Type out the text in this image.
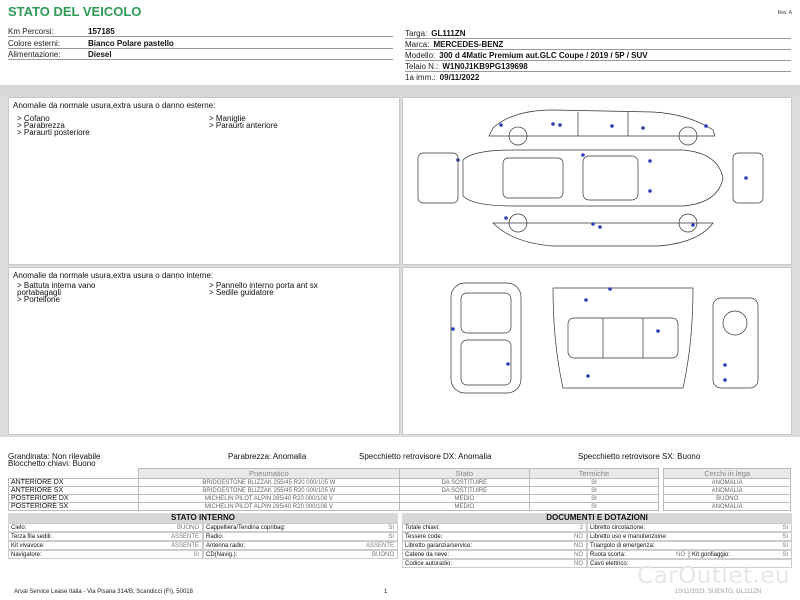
STATO DEL VEICOLO	Rev. A
Km Percorsi:	157185
Colore esterni:	Bianco Polare pastello
Alimentazione:	Diesel
Targa: GL111ZN
Marca: MERCEDES-BENZ
Modello: 300 d 4Matic Premium aut.GLC Coupe / 2019 / 5P / SUV
Telaio N.: W1N0J1KB9PG139698
1a imm.: 09/11/2022
Anomalie da normale usura,extra usura o danno esterne:
> Cofano
> Parabrezza
> Paraurti posteriore
> Maniglie
> Paraurti anteriore
Anomalie da normale usura,extra usura o danno interne:
> Battuta interna vano
portabagagli
> Portellone
> Pannello interno porta ant sx
> Sedile guidatore
Grandinata: Non rilevabile	Parabrezza: Anomalia	Specchietto retrovisore DX: Anomalia	Specchietto retrovisore SX: Buono
Blocchetto chiavi: Buono
	Pneumatico	Stato	Termiche		Cerchi in lega
ANTERIORE DX	BRIDGESTONE BLIZZAK 255/45 R20 000/105 W	DA SOSTITUIRE	SI		ANOMALIA
ANTERIORE SX	BRIDGESTONE BLIZZAK 255/45 R20 000/105 W	DA SOSTITUIRE	SI		ANOMALIA
POSTERIORE DX	MICHELIN PILOT ALPIN 285/40 R20 000/108 V	MEDIO	SI		BUONO
POSTERIORE SX	MICHELIN PILOT ALPIN 285/40 R20 000/108 V	MEDIO	SI		ANOMALIA
STATO INTERNO
Cielo:	BUONO
Terza fila sedili:	ASSENTE
Kit vivavoce:	ASSENTE
Navigatore:	SI
Cappelliera/Tendina copribag:	SI
Radio:	SI
Antenna radio:	ASSENTE
CD(Navig.):	BUONO
DOCUMENTI E DOTAZIONI
Totale chiavi:	2
Tessere code:	NO
Libretto garanzia/service:	NO
Catene da neve:	NO
Codice autoradio:	NO
Libretto circolazione:	SI
Libretto uso e manutenzione:	SI
Triangolo di emergenza:	SI
Ruota scorta:	NO	Kit gonfiaggio:	SI
Cavo elettrico: CarOutlet.eu
Arval Service Lease Italia - Via Pisana 314/B, Scandicci (FI), 50018	1	10/11/2023, SUENTO, GL111ZN
